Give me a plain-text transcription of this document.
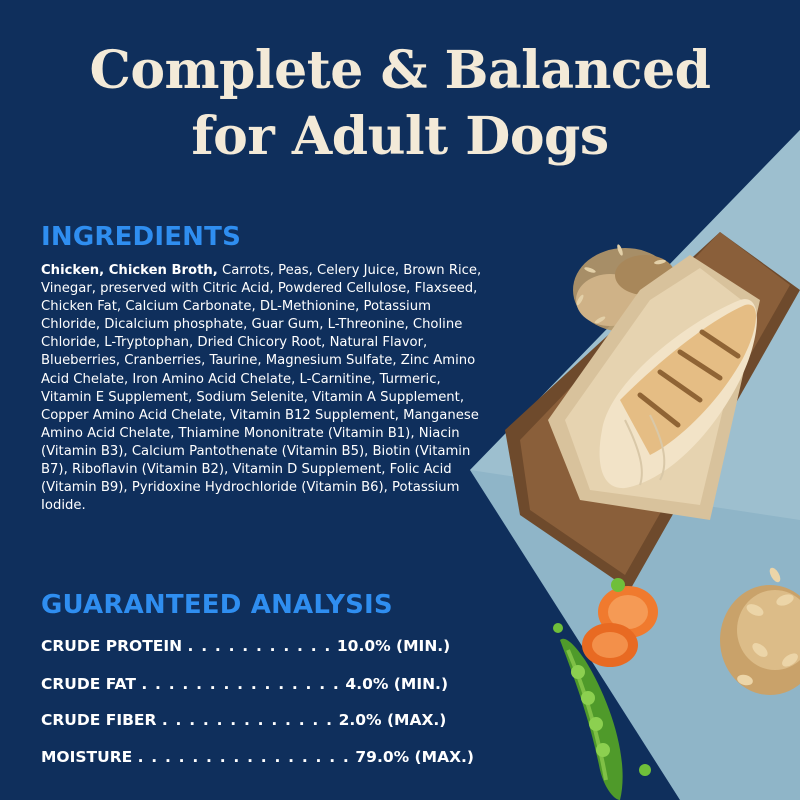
Complete & Balanced
for Adult Dogs
INGREDIENTS
Chicken, Chicken Broth, Carrots, Peas, Celery Juice, Brown Rice, Vinegar, preserved with Citric Acid, Powdered Cellulose, Flaxseed, Chicken Fat, Calcium Carbonate, DL-Methionine, Potassium Chloride, Dicalcium phosphate, Guar Gum, L-Threonine, Choline Chloride, L-Tryptophan, Dried Chicory Root, Natural Flavor, Blueberries, Cranberries, Taurine, Magnesium Sulfate, Zinc Amino Acid Chelate, Iron Amino Acid Chelate, L-Carnitine, Turmeric, Vitamin E Supplement, Sodium Selenite, Vitamin A Supplement, Copper Amino Acid Chelate, Vitamin B12 Supplement, Manganese Amino Acid Chelate, Thiamine Mononitrate (Vitamin B1), Niacin (Vitamin B3), Calcium Pantothenate (Vitamin B5), Biotin (Vitamin B7), Riboflavin (Vitamin B2), Vitamin D Supplement, Folic Acid (Vitamin B9), Pyridoxine Hydrochloride (Vitamin B6), Potassium Iodide.
GUARANTEED ANALYSIS
CRUDE PROTEIN . . . . . . . . . . . 10.0% (MIN.)
CRUDE FAT . . . . . . . . . . . . . . . 4.0% (MIN.)
CRUDE FIBER . . . . . . . . . . . . . 2.0% (MAX.)
MOISTURE . . . . . . . . . . . . . . . . 79.0% (MAX.)
